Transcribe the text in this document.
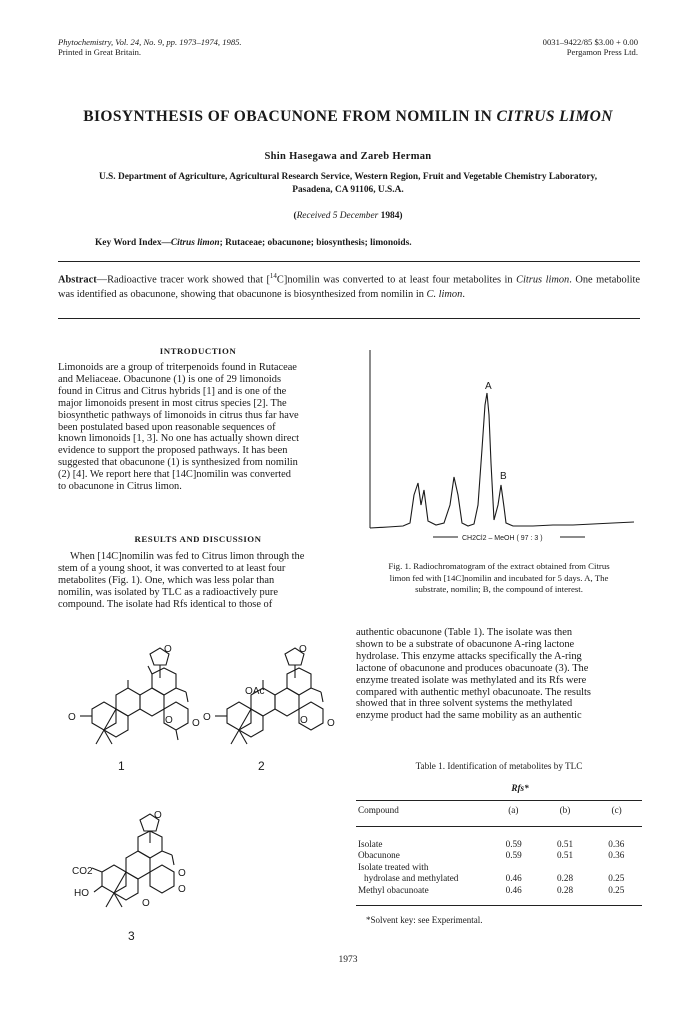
Phytochemistry, Vol. 24, No. 9, pp. 1973–1974, 1985.
Printed in Great Britain.
0031–9422/85 $3.00 + 0.00
Pergamon Press Ltd.
BIOSYNTHESIS OF OBACUNONE FROM NOMILIN IN CITRUS LIMON
Shin Hasegawa and Zareb Herman
U.S. Department of Agriculture, Agricultural Research Service, Western Region, Fruit and Vegetable Chemistry Laboratory,
Pasadena, CA 91106, U.S.A.
(Received 5 December 1984)
Key Word Index—Citrus limon; Rutaceae; obacunone; biosynthesis; limonoids.
Abstract—Radioactive tracer work showed that [$^{14}$C]nomilin was converted to at least four metabolites in Citrus limon. One metabolite was identified as obacunone, showing that obacunone is biosynthesized from nomilin in C. limon.
INTRODUCTION
Limonoids are a group of triterpenoids found in Rutaceae
and Meliaceae. Obacunone (1) is one of 29 limonoids
found in Citrus and Citrus hybrids [1] and is one of the
major limonoids present in most citrus species [2]. The
biosynthetic pathways of limonoids in citrus thus far have
been postulated based upon reasonable sequences of
known limonoids [1, 3]. No one has actually shown direct
evidence to support the proposed pathways. It has been
suggested that obacunone (1) is synthesized from nomilin
(2) [4]. We report here that [14C]nomilin was converted
to obacunone in Citrus limon.
RESULTS AND DISCUSSION
When [14C]nomilin was fed to Citrus limon through the
stem of a young shoot, it was converted to at least four
metabolites (Fig. 1). One, which was less polar than
nomilin, was isolated by TLC as a radioactively pure
compound. The isolate had Rfs identical to those of
O
O O
O
O
OAc
O O
O
1	2
O
O
O
CO2
HO
O
3
A
B
CH2Cl2 – MeOH ( 97 : 3 )
Fig. 1. Radiochromatogram of the extract obtained from Citrus
limon fed with [14C]nomilin and incubated for 5 days. A, The
substrate, nomilin; B, the compound of interest.
authentic obacunone (Table 1). The isolate was then
shown to be a substrate of obacunone A-ring lactone
hydrolase. This enzyme attacks specifically the A-ring
lactone of obacunone and produces obacunoate (3). The
enzyme treated isolate was methylated and its Rfs were
compared with authentic methyl obacunoate. The results
showed that in three solvent systems the methylated
enzyme product had the same mobility as an authentic
Table 1. Identification of metabolites by TLC
Rfs*
Compound	(a)	(b)	(c)
Isolate	0.59	0.51	0.36
Obacunone	0.59	0.51	0.36
Isolate treated with			
hydrolase and methylated	0.46	0.28	0.25
Methyl obacunoate	0.46	0.28	0.25
*Solvent key: see Experimental.
1973
